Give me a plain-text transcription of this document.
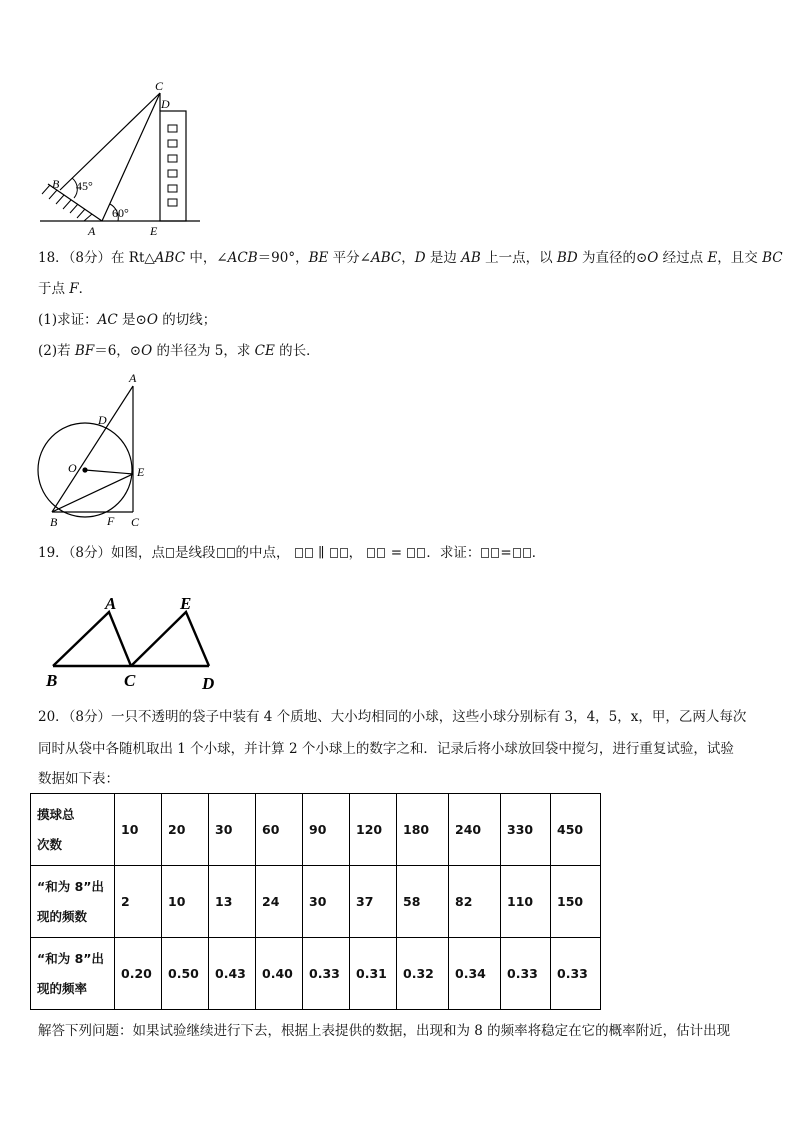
C
D
B 45°
60°
A	E
18．（8分）在 Rt△ABC 中，∠ACB＝90°，BE 平分∠ABC，D 是边 AB 上一点，以 BD 为直径的⊙O 经过点 E，且交 BC
于点 F．
(1)求证：AC 是⊙O 的切线；
(2)若 BF＝6，⊙O 的半径为 5，求 CE 的长．
A
D
O	E
B	F C
19．（8分）如图，点 是线段 的中点， ∥ ， = ．求证： = ．
A	E
B	C	D
20．（8分）一只不透明的袋子中装有 4 个质地、大小均相同的小球，这些小球分别标有 3，4，5，x，甲，乙两人每次
同时从袋中各随机取出 1 个小球，并计算 2 个小球上的数字之和．记录后将小球放回袋中搅匀，进行重复试验，试验
数据如下表：
摸球总
次数	10	20	30	60	90	120	180	240	330	450
“和为 8”出
现的频数	2	10	13	24	30	37	58	82	110	150
“和为 8”出
现的频率	0.20	0.50	0.43	0.40	0.33	0.31	0.32	0.34	0.33	0.33
解答下列问题：如果试验继续进行下去，根据上表提供的数据，出现和为 8 的频率将稳定在它的概率附近，估计出现
